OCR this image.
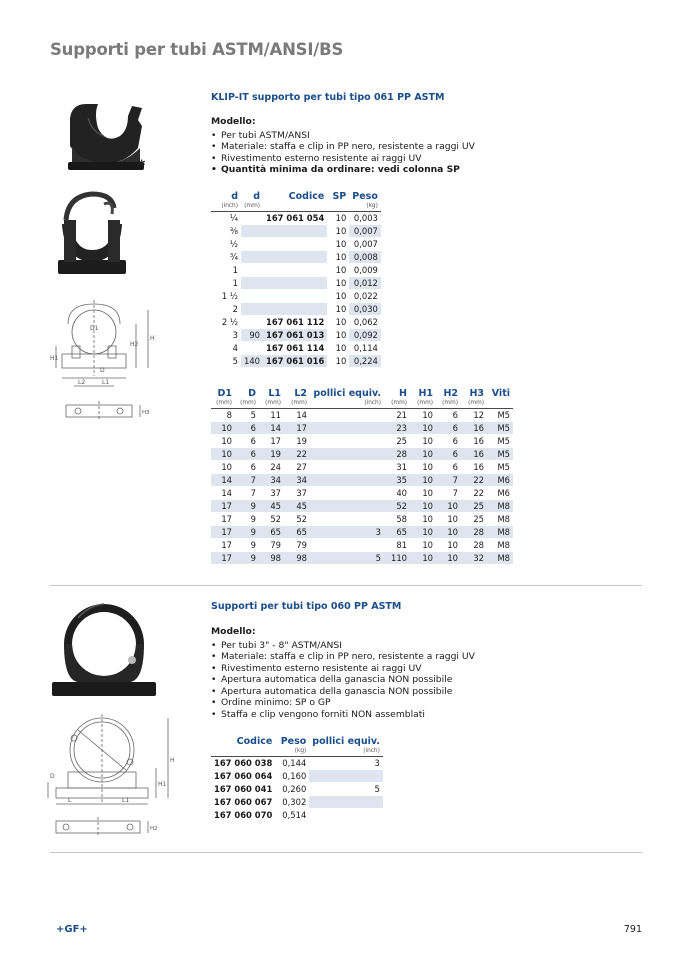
Supporti per tubi ASTM/ANSI/BS
KLIP-IT supporto per tubi tipo 061 PP ASTM
Modello:
• Per tubi ASTM/ANSI
• Materiale: staffa e clip in PP nero, resistente a raggi UV
• Rivestimento esterno resistente ai raggi UV
• Quantità minima da ordinare: vedi colonna SP
*
D1
H1
H2
H
D
L2	L1
H3
d	d	Codice	SP	Peso
(inch)	(mm)			(kg)
¼		167 061 054	10	0,003
⅜			10	0,007
½			10	0,007
¾			10	0,008
1			10	0,009
1			10	0,012
1 ½			10	0,022
2			10	0,030
2 ½		167 061 112	10	0,062
3	90	167 061 013	10	0,092
4		167 061 114	10	0,114
5	140	167 061 016	10	0,224
D1	D	L1	L2	pollici equiv.	H	H1	H2	H3	Viti
(mm)	(mm)	(mm)	(mm)	(inch)	(mm)	(mm)	(mm)	(mm)	
8	5	11	14		21	10	6	12	M5
10	6	14	17		23	10	6	16	M5
10	6	17	19		25	10	6	16	M5
10	6	19	22		28	10	6	16	M5
10	6	24	27		31	10	6	16	M5
14	7	34	34		35	10	7	22	M6
14	7	37	37		40	10	7	22	M6
17	9	45	45		52	10	10	25	M8
17	9	52	52		58	10	10	25	M8
17	9	65	65	3	65	10	10	28	M8
17	9	79	79		81	10	10	28	M8
17	9	98	98	5	110	10	10	32	M8
Supporti per tubi tipo 060 PP ASTM
Modello:
• Per tubi 3" - 8" ASTM/ANSI
• Materiale: staffa e clip in PP nero, resistente a raggi UV
• Rivestimento esterno resistente ai raggi UV
• Apertura automatica della ganascia NON possibile
• Apertura automatica della ganascia NON possibile
• Ordine minimo: SP o GP
• Staffa e clip vengono forniti NON assemblati
H1
H
D
L	L1
H2
Codice	Peso	pollici equiv.
	(kg)	(inch)
167 060 038	0,144	3
167 060 064	0,160	
167 060 041	0,260	5
167 060 067	0,302	
167 060 070	0,514	
+GF+	791
